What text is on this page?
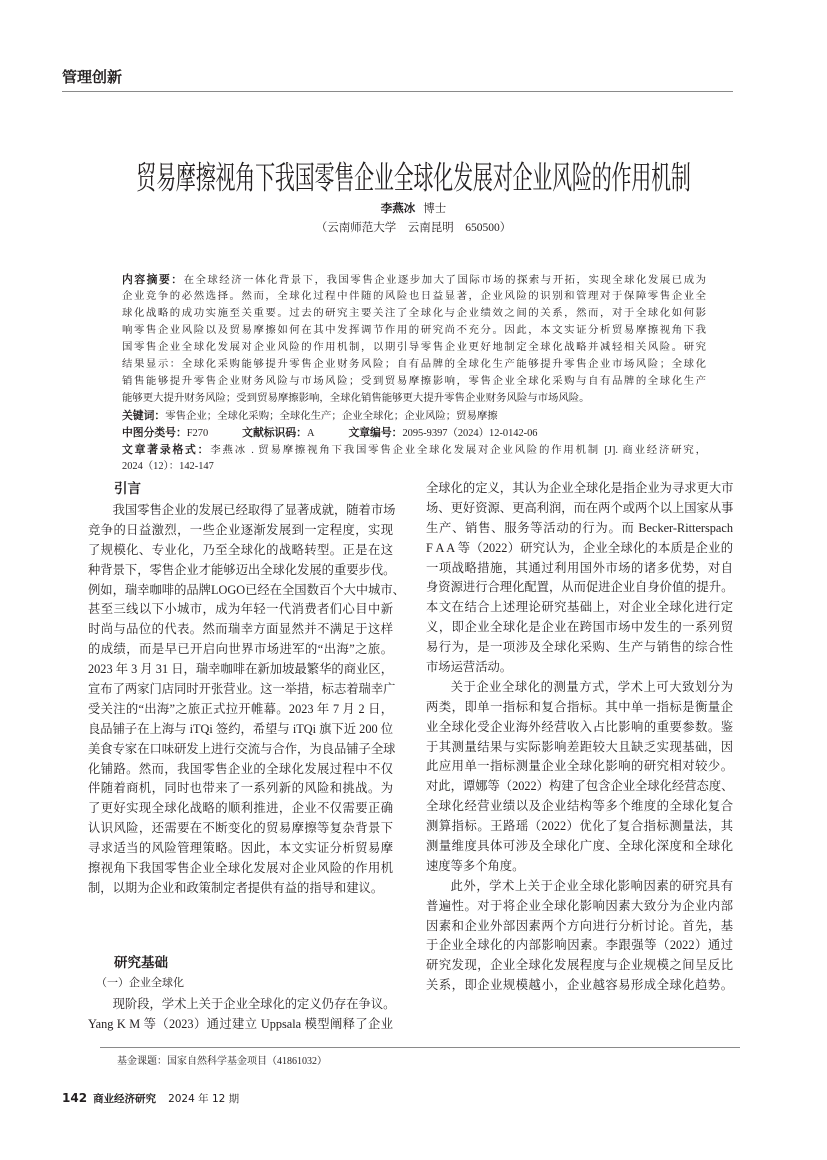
管理创新
贸易摩擦视角下我国零售企业全球化发展对企业风险的作用机制
李燕冰 博士
（云南师范大学　云南昆明　650500）
内容摘要：在全球经济一体化背景下，我国零售企业逐步加大了国际市场的探索与开拓，实现全球化发展已成为
企业竞争的必然选择。然而，全球化过程中伴随的风险也日益显著，企业风险的识别和管理对于保障零售企业全
球化战略的成功实施至关重要。过去的研究主要关注了全球化与企业绩效之间的关系，然而，对于全球化如何影
响零售企业风险以及贸易摩擦如何在其中发挥调节作用的研究尚不充分。因此，本文实证分析贸易摩擦视角下我
国零售企业全球化发展对企业风险的作用机制，以期引导零售企业更好地制定全球化战略并减轻相关风险。研究
结果显示：全球化采购能够提升零售企业财务风险；自有品牌的全球化生产能够提升零售企业市场风险；全球化
销售能够提升零售企业财务风险与市场风险；受到贸易摩擦影响，零售企业全球化采购与自有品牌的全球化生产
能够更大提升财务风险；受到贸易摩擦影响，全球化销售能够更大提升零售企业财务风险与市场风险。
关键词：零售企业；全球化采购；全球化生产；企业全球化；企业风险；贸易摩擦
中图分类号：F270	文献标识码：A	文章编号：2095-9397（2024）12-0142-06
文章著录格式：李燕冰 . 贸易摩擦视角下我国零售企业全球化发展对企业风险的作用机制 [J]. 商业经济研究，
2024（12）：142-147
引言
我国零售企业的发展已经取得了显著成就，随着市场
竞争的日益激烈，一些企业逐渐发展到一定程度，实现
了规模化、专业化，乃至全球化的战略转型。正是在这
种背景下，零售企业才能够迈出全球化发展的重要步伐。
例如，瑞幸咖啡的品牌LOGO已经在全国数百个大中城市、
甚至三线以下小城市，成为年轻一代消费者们心目中新
时尚与品位的代表。然而瑞幸方面显然并不满足于这样
的成绩，而是早已开启向世界市场进军的“出海”之旅。
2023 年 3 月 31 日，瑞幸咖啡在新加坡最繁华的商业区，
宣布了两家门店同时开张营业。这一举措，标志着瑞幸广
受关注的“出海”之旅正式拉开帷幕。2023 年 7 月 2 日，
良品铺子在上海与 iTQi 签约，希望与 iTQi 旗下近 200 位
美食专家在口味研发上进行交流与合作，为良品铺子全球
化铺路。然而，我国零售企业的全球化发展过程中不仅
伴随着商机，同时也带来了一系列新的风险和挑战。为
了更好实现全球化战略的顺利推进，企业不仅需要正确
认识风险，还需要在不断变化的贸易摩擦等复杂背景下
寻求适当的风险管理策略。因此，本文实证分析贸易摩
擦视角下我国零售企业全球化发展对企业风险的作用机
制，以期为企业和政策制定者提供有益的指导和建议。
研究基础
（一）企业全球化
现阶段，学术上关于企业全球化的定义仍存在争议。
Yang K M 等（2023）通过建立 Uppsala 模型阐释了企业
全球化的定义，其认为企业全球化是指企业为寻求更大市
场、更好资源、更高利润，而在两个或两个以上国家从事
生产、销售、服务等活动的行为。而 Becker-Ritterspach
F A A 等（2022）研究认为，企业全球化的本质是企业的
一项战略措施，其通过利用国外市场的诸多优势，对自
身资源进行合理化配置，从而促进企业自身价值的提升。
本文在结合上述理论研究基础上，对企业全球化进行定
义，即企业全球化是企业在跨国市场中发生的一系列贸
易行为，是一项涉及全球化采购、生产与销售的综合性
市场运营活动。
关于企业全球化的测量方式，学术上可大致划分为
两类，即单一指标和复合指标。其中单一指标是衡量企
业全球化受企业海外经营收入占比影响的重要参数。鉴
于其测量结果与实际影响差距较大且缺乏实现基础，因
此应用单一指标测量企业全球化影响的研究相对较少。
对此，谭娜等（2022）构建了包含企业全球化经营态度、
全球化经营业绩以及企业结构等多个维度的全球化复合
测算指标。王路瑶（2022）优化了复合指标测量法，其
测量维度具体可涉及全球化广度、全球化深度和全球化
速度等多个角度。
此外，学术上关于企业全球化影响因素的研究具有
普遍性。对于将企业全球化影响因素大致分为企业内部
因素和企业外部因素两个方向进行分析讨论。首先，基
于企业全球化的内部影响因素。李跟强等（2022）通过
研究发现，企业全球化发展程度与企业规模之间呈反比
关系，即企业规模越小，企业越容易形成全球化趋势。
基金课题：国家自然科学基金项目（41861032）
142 商业经济研究 2024 年 12 期
